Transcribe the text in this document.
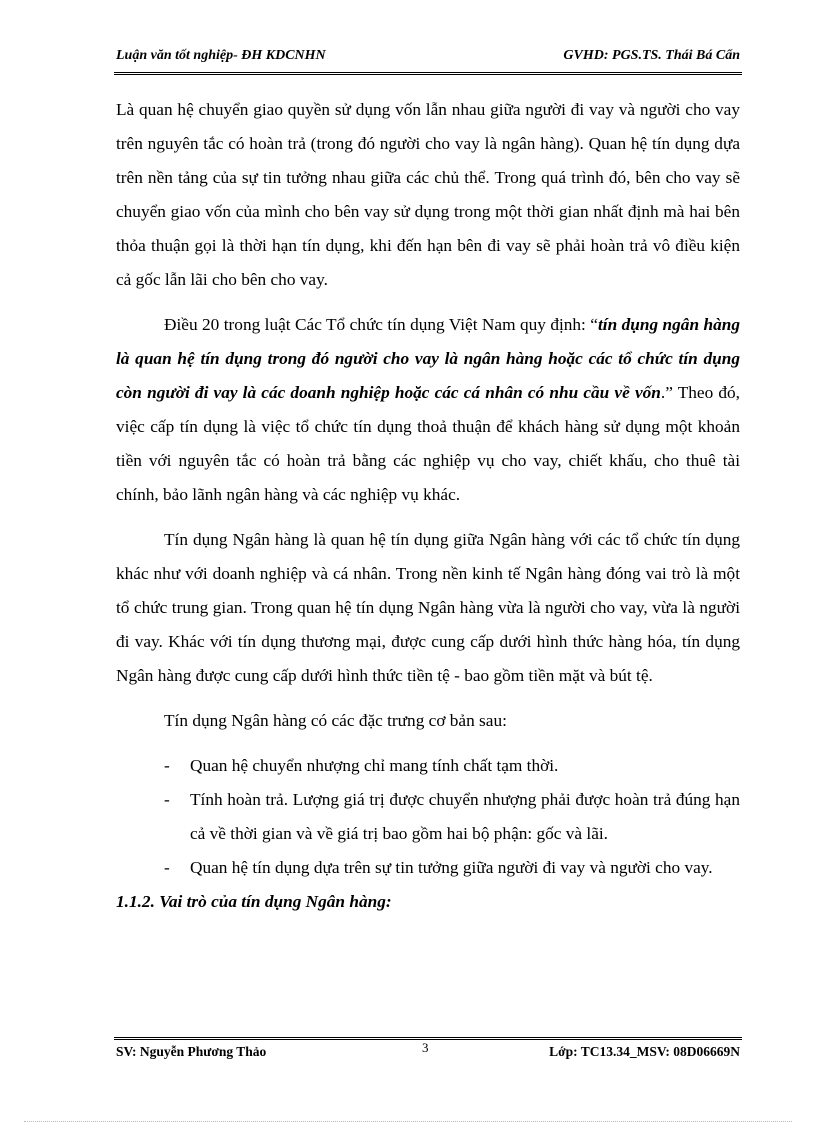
Luận văn tốt nghiệp- ĐH KDCNHN	GVHD: PGS.TS. Thái Bá Cẩn

Là quan hệ chuyển giao quyền sử dụng vốn lẫn nhau giữa người đi vay và người cho vay trên nguyên tắc có hoàn trả (trong đó người cho vay là ngân hàng). Quan hệ tín dụng dựa trên nền tảng của sự tin tưởng nhau giữa các chủ thể. Trong quá trình đó, bên cho vay sẽ chuyển giao vốn của mình cho bên vay sử dụng trong một thời gian nhất định mà hai bên thỏa thuận gọi là thời hạn tín dụng, khi đến hạn bên đi vay sẽ phải hoàn trả vô điều kiện cả gốc lẫn lãi cho bên cho vay.

Điều 20 trong luật Các Tổ chức tín dụng Việt Nam quy định: “tín dụng ngân hàng là quan hệ tín dụng trong đó người cho vay là ngân hàng hoặc các tổ chức tín dụng còn người đi vay là các doanh nghiệp hoặc các cá nhân có nhu cầu về vốn.” Theo đó, việc cấp tín dụng là việc tổ chức tín dụng thoả thuận để khách hàng sử dụng một khoản tiền với nguyên tắc có hoàn trả bằng các nghiệp vụ cho vay, chiết khấu, cho thuê tài chính, bảo lãnh ngân hàng và các nghiệp vụ khác.

Tín dụng Ngân hàng là quan hệ tín dụng giữa Ngân hàng với các tổ chức tín dụng khác như với doanh nghiệp và cá nhân. Trong nền kinh tế Ngân hàng đóng vai trò là một tổ chức trung gian. Trong quan hệ tín dụng Ngân hàng vừa là người cho vay, vừa là người đi vay. Khác với tín dụng thương mại, được cung cấp dưới hình thức hàng hóa, tín dụng Ngân hàng được cung cấp dưới hình thức tiền tệ - bao gồm tiền mặt và bút tệ.

Tín dụng Ngân hàng có các đặc trưng cơ bản sau:

- Quan hệ chuyển nhượng chỉ mang tính chất tạm thời.
- Tính hoàn trả. Lượng giá trị được chuyển nhượng phải được hoàn trả đúng hạn cả về thời gian và về giá trị bao gồm hai bộ phận: gốc và lãi.
- Quan hệ tín dụng dựa trên sự tin tưởng giữa người đi vay và người cho vay.
1.1.2. Vai trò của tín dụng Ngân hàng:
SV: Nguyễn Phương Thảo	3	Lớp: TC13.34_MSV: 08D06669N
